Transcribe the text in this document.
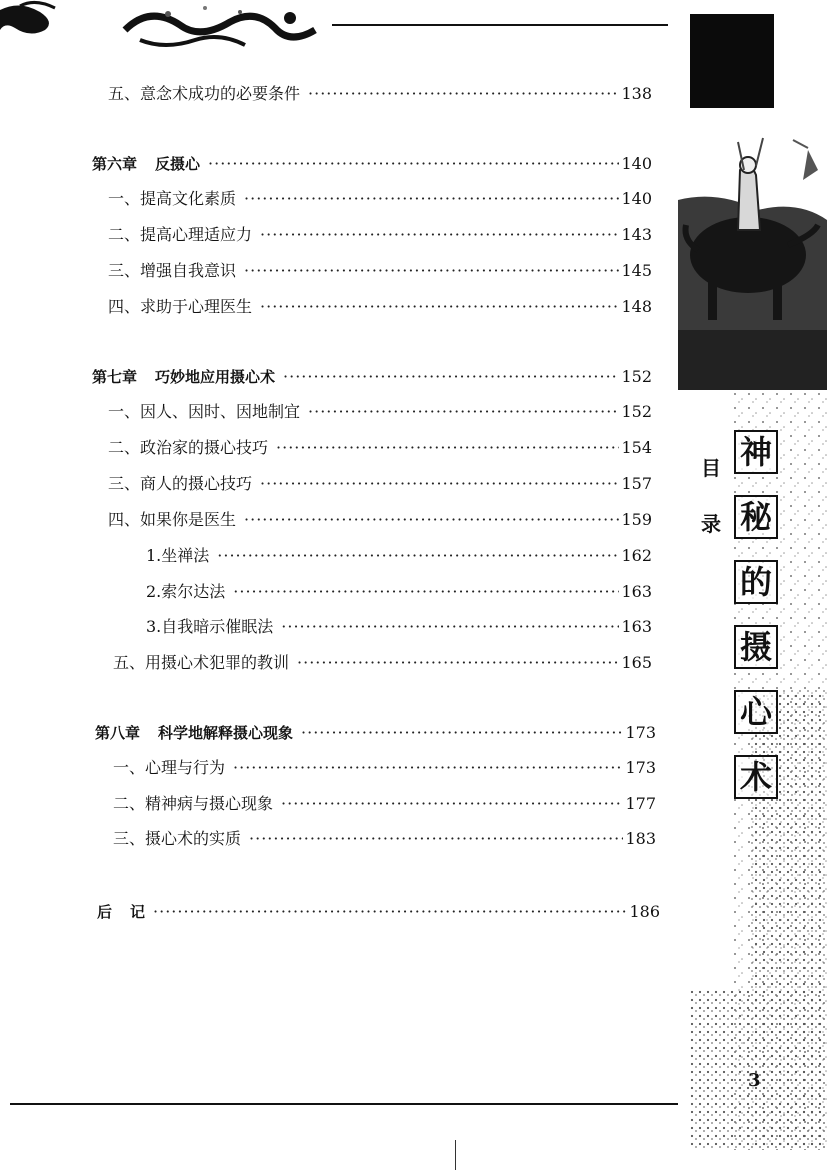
五、意念术成功的必要条件 ·····	138
第六章 反摄心 ·····	140
一、提高文化素质 ·····	140
二、提高心理适应力 ·····	143
三、增强自我意识 ·····	145
四、求助于心理医生 ·····	148
第七章 巧妙地应用摄心术 ·····	152
一、因人、因时、因地制宜 ·····	152
二、政治家的摄心技巧 ·····	154
三、商人的摄心技巧 ·····	157
四、如果你是医生 ·····	159
1.坐禅法 ·····	162
2.索尔达法 ·····	163
3.自我暗示催眠法 ·····	163
五、用摄心术犯罪的教训 ·····	165
第八章 科学地解释摄心现象 ·····	173
一、心理与行为 ·····	173
二、精神病与摄心现象 ·····	177
三、摄心术的实质 ·····	183
后 记 ·····	186
目
录
神
秘
的
摄
心
术
3
